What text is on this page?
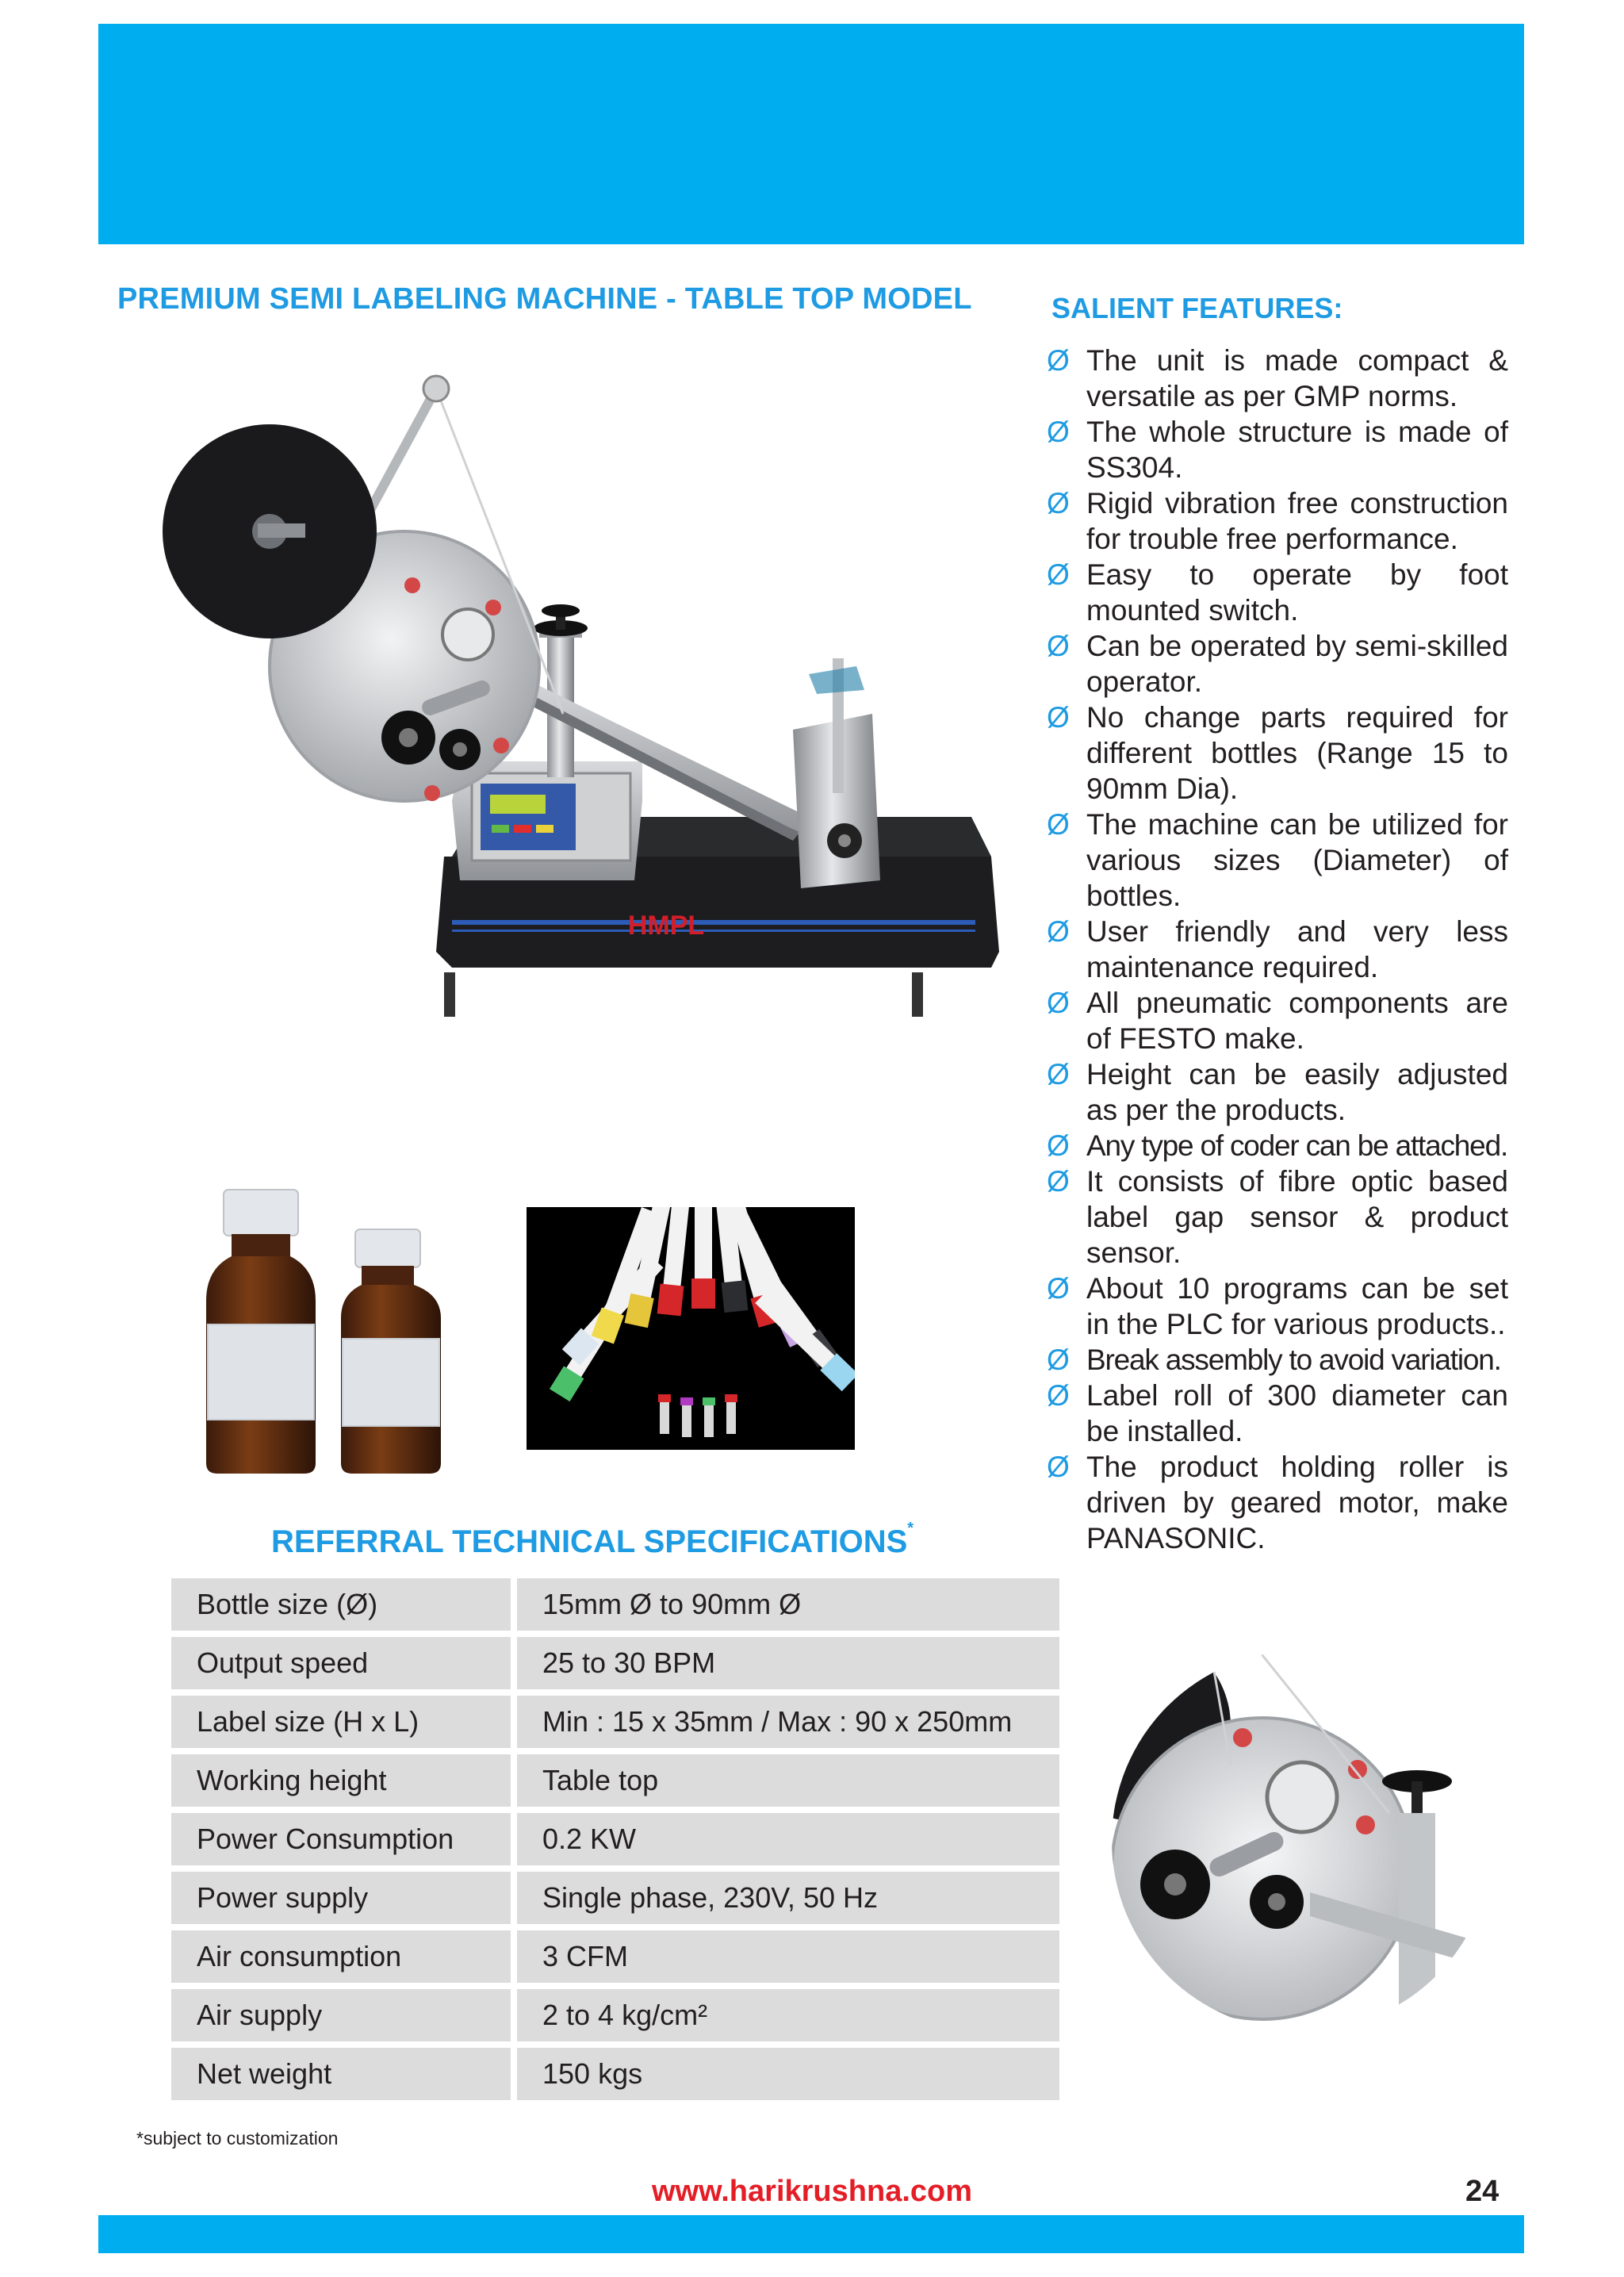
PREMIUM SEMI LABELING MACHINE - TABLE TOP MODEL	SALIENT FEATURES:
Ø The unit is made compact & versatile as per GMP norms.
Ø The whole structure is made of SS304.
Ø Rigid vibration free construction for trouble free performance.
Ø Easy to operate by foot mounted switch.
Ø Can be operated by semi-skilled operator.
Ø No change parts required for different bottles (Range 15 to 90mm Dia).
Ø The machine can be utilized for various sizes (Diameter) of bottles.
Ø User friendly and very less maintenance required.
Ø All pneumatic components are of FESTO make.
Ø Height can be easily adjusted as per the products.
Ø Any type of coder can be attached.
Ø It consists of fibre optic based label gap sensor & product sensor.
Ø About 10 programs can be set in the PLC for various products..
Ø Break assembly to avoid variation.
Ø Label roll of 300 diameter can be installed.
Ø The product holding roller is driven by geared motor, make PANASONIC.
HMPL
REFERRAL TECHNICAL SPECIFICATIONS*
Bottle size (Ø)	15mm Ø to 90mm Ø
Output speed	25 to 30 BPM
Label size (H x L)	Min : 15 x 35mm / Max : 90 x 250mm
Working height	Table top
Power Consumption	0.2 KW
Power supply	Single phase, 230V, 50 Hz
Air consumption	3 CFM
Air supply	2 to 4 kg/cm²
Net weight	150 kgs
*subject to customization
www.harikrushna.com	24
